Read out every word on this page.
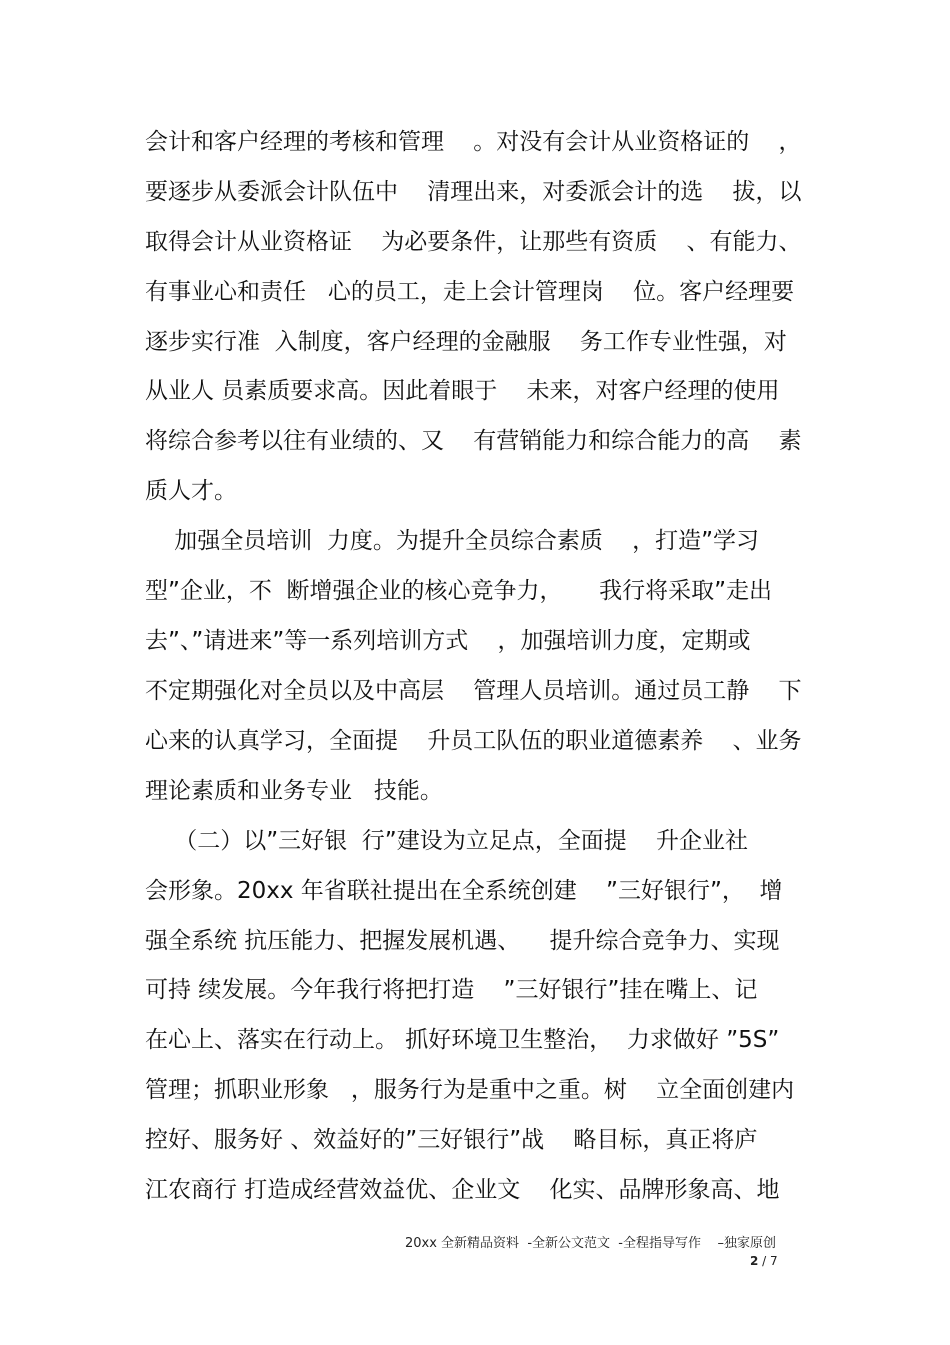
会计和客户经理的考核和管理    。对没有会计从业资格证的    ，
要逐步从委派会计队伍中    清理出来，对委派会计的选    拔，以
取得会计从业资格证    为必要条件，让那些有资质    、有能力、
有事业心和责任   心的员工，走上会计管理岗    位。客户经理要
逐步实行准  入制度，客户经理的金融服    务工作专业性强，对
从业人 员素质要求高。因此着眼于    未来，对客户经理的使用
将综合参考以往有业绩的、又    有营销能力和综合能力的高    素
质人才。
加强全员培训  力度。为提升全员综合素质    ，打造”学习
型”企业，不  断增强企业的核心竞争力，     我行将采取”走出
去”、”请进来”等一系列培训方式    ，加强培训力度，定期或
不定期强化对全员以及中高层    管理人员培训。通过员工静    下
心来的认真学习，全面提    升员工队伍的职业道德素养    、业务
理论素质和业务专业   技能。
（二）以”三好银  行”建设为立足点，全面提    升企业社
会形象。20xx 年省联社提出在全系统创建    ”三好银行”，  增
强全系统 抗压能力、把握发展机遇、    提升综合竞争力、实现
可持 续发展。今年我行将把打造    ”三好银行”挂在嘴上、记
在心上、落实在行动上。 抓好环境卫生整治，  力求做好 ”5S”
管理；抓职业形象   ，服务行为是重中之重。树    立全面创建内
控好、服务好 、效益好的”三好银行”战    略目标，真正将庐
江农商行 打造成经营效益优、企业文    化实、品牌形象高、地
20xx 全新精品资料  -全新公文范文  -全程指导写作    –独家原创
2 / 7
